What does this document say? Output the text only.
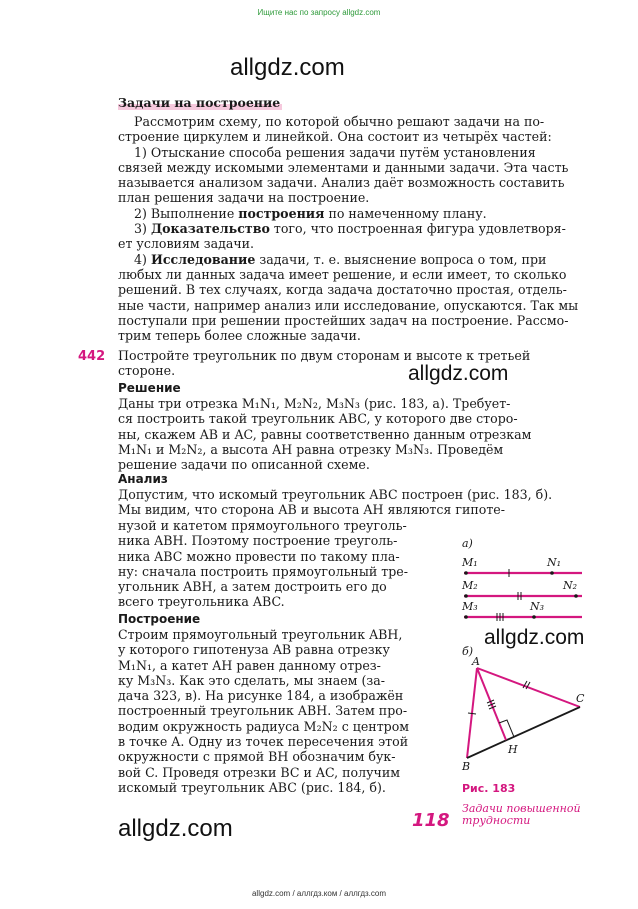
Ищите нас по запросу allgdz.com
allgdz.com
allgdz.com
allgdz.com
allgdz.com
Задачи на построение

Рассмотрим схему, по которой обычно решают задачи на по-

строение циркулем и линейкой. Она состоит из четырёх частей:

1) Отыскание способа решения задачи путём установления

связей между искомыми элементами и данными задачи. Эта часть

называется анализом задачи. Анализ даёт возможность составить

план решения задачи на построение.

2) Выполнение построения по намеченному плану.

3) Доказательство того, что построенная фигура удовлетворя-

ет условиям задачи.

4) Исследование задачи, т. е. выяснение вопроса о том, при

любых ли данных задача имеет решение, и если имеет, то сколько

решений. В тех случаях, когда задача достаточно простая, отдель-

ные части, например анализ или исследование, опускаются. Так мы

поступали при решении простейших задач на построение. Рассмо-

трим теперь более сложные задачи.

442 Постройте треугольник по двум сторонам и высоте к третьей
стороне.
Решение
Даны три отрезка M₁N₁, M₂N₂, M₃N₃ (рис. 183, а). Требует-
ся построить такой треугольник ABC, у которого две сторо-
ны, скажем AB и AC, равны соответственно данным отрезкам
M₁N₁ и M₂N₂, а высота AH равна отрезку M₃N₃. Проведём
решение задачи по описанной схеме.
Анализ
Допустим, что искомый треугольник ABC построен (рис. 183, б).
Мы видим, что сторона AB и высота AH являются гипоте-
нузой и катетом прямоугольного треуголь-
ника ABH. Поэтому построение треуголь-
ника ABC можно провести по такому пла-
ну: сначала построить прямоугольный тре-
угольник ABH, а затем достроить его до
всего треугольника ABC.
Построение
Строим прямоугольный треугольник ABH,
у которого гипотенуза AB равна отрезку
M₁N₁, а катет AH равен данному отрез-
ку M₃N₃. Как это сделать, мы знаем (за-
дача 323, в). На рисунке 184, а изображён
построенный треугольник ABH. Затем про-
водим окружность радиуса M₂N₂ с центром
в точке A. Одну из точек пересечения этой
окружности с прямой BH обозначим бук-
вой C. Проведя отрезки BC и AC, получим
искомый треугольник ABC (рис. 184, б).
а)
M₁	N₁
M₂	N₂
M₃	N₃
б)
A
B
C
H
Рис. 183
118
Задачи повышенной
трудности
allgdz.com / аллгдз.ком / аллгдз.com
